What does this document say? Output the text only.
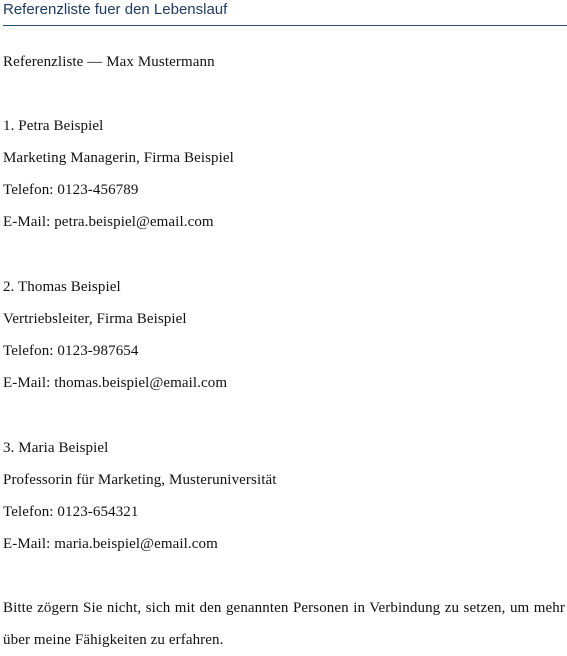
Referenzliste fuer den Lebenslauf
Referenzliste — Max Mustermann
1. Petra Beispiel
Marketing Managerin, Firma Beispiel
Telefon: 0123-456789
E-Mail: petra.beispiel@email.com
2. Thomas Beispiel
Vertriebsleiter, Firma Beispiel
Telefon: 0123-987654
E-Mail: thomas.beispiel@email.com
3. Maria Beispiel
Professorin für Marketing, Musteruniversität
Telefon: 0123-654321
E-Mail: maria.beispiel@email.com
Bitte zögern Sie nicht, sich mit den genannten Personen in Verbindung zu setzen, um mehr über meine Fähigkeiten zu erfahren.
